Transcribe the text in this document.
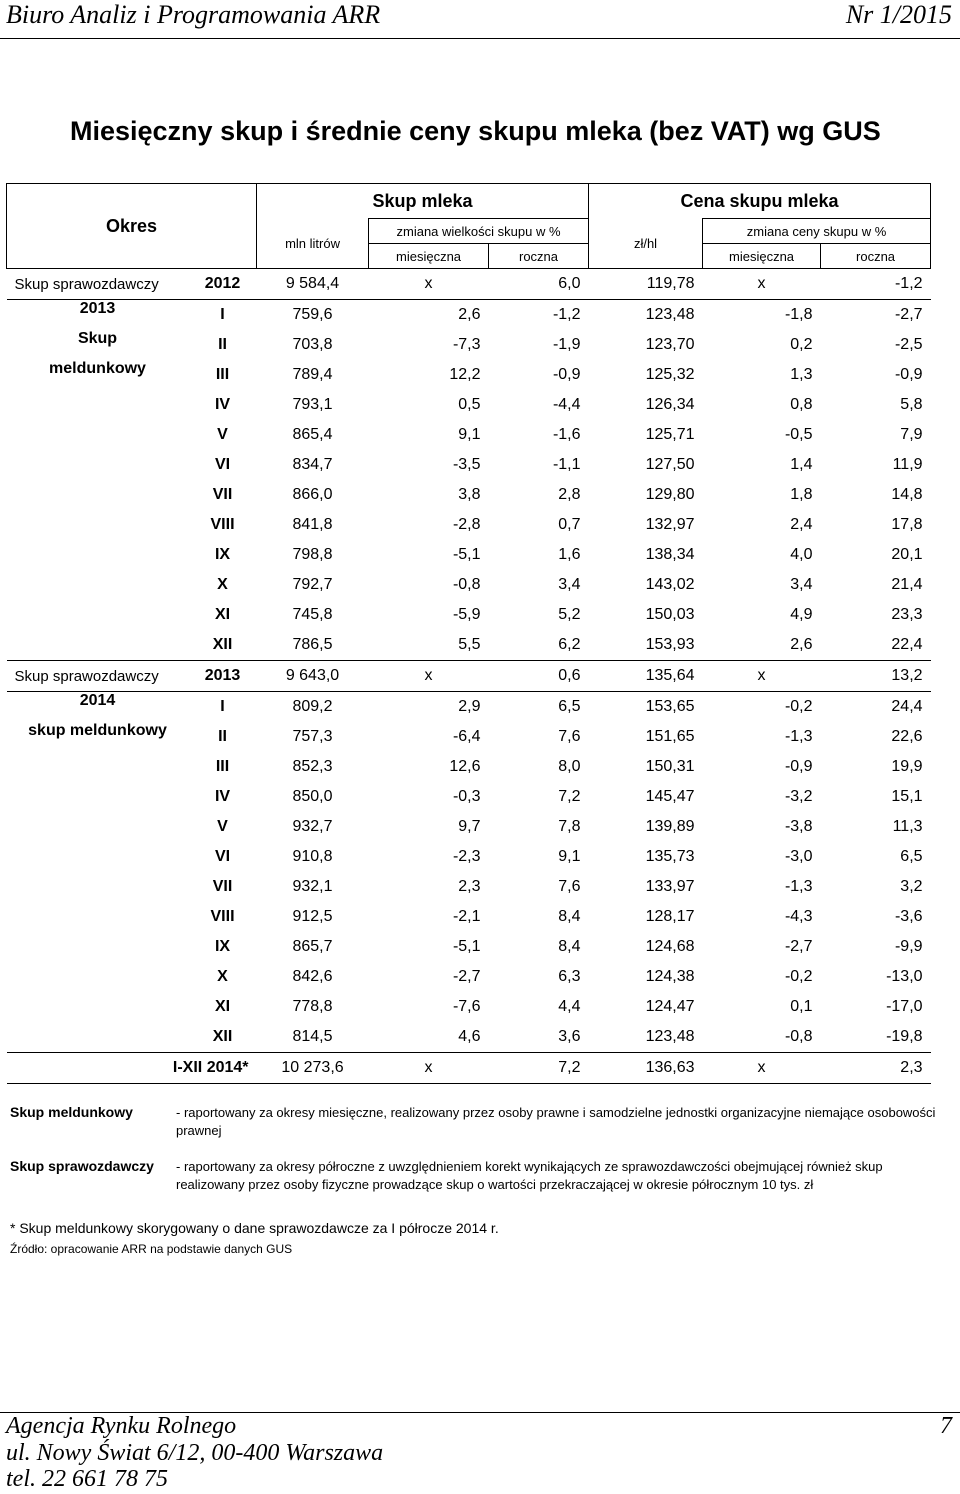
Biuro Analiz i Programowania ARR	Nr 1/2015
Miesięczny skup i średnie ceny skupu mleka (bez VAT) wg GUS
Okres		Skup mleka			Cena skupu mleka		
		mln litrów	zmiana wielkości skupu w %		zł/hl	zmiana ceny skupu w %	
			miesięczna	roczna		miesięczna	roczna
Skup sprawozdawczy	2012	9 584,4	x	6,0	119,78	x	-1,2
2013	I	759,6	2,6	-1,2	123,48	-1,8	-2,7
Skup	II	703,8	-7,3	-1,9	123,70	0,2	-2,5
meldunkowy	III	789,4	12,2	-0,9	125,32	1,3	-0,9
	IV	793,1	0,5	-4,4	126,34	0,8	5,8
	V	865,4	9,1	-1,6	125,71	-0,5	7,9
	VI	834,7	-3,5	-1,1	127,50	1,4	11,9
	VII	866,0	3,8	2,8	129,80	1,8	14,8
	VIII	841,8	-2,8	0,7	132,97	2,4	17,8
	IX	798,8	-5,1	1,6	138,34	4,0	20,1
	X	792,7	-0,8	3,4	143,02	3,4	21,4
	XI	745,8	-5,9	5,2	150,03	4,9	23,3
	XII	786,5	5,5	6,2	153,93	2,6	22,4
Skup sprawozdawczy	2013	9 643,0	x	0,6	135,64	x	13,2
2014	I	809,2	2,9	6,5	153,65	-0,2	24,4
skup meldunkowy	II	757,3	-6,4	7,6	151,65	-1,3	22,6
	III	852,3	12,6	8,0	150,31	-0,9	19,9
	IV	850,0	-0,3	7,2	145,47	-3,2	15,1
	V	932,7	9,7	7,8	139,89	-3,8	11,3
	VI	910,8	-2,3	9,1	135,73	-3,0	6,5
	VII	932,1	2,3	7,6	133,97	-1,3	3,2
	VIII	912,5	-2,1	8,4	128,17	-4,3	-3,6
	IX	865,7	-5,1	8,4	124,68	-2,7	-9,9
	X	842,6	-2,7	6,3	124,38	-0,2	-13,0
	XI	778,8	-7,6	4,4	124,47	0,1	-17,0
	XII	814,5	4,6	3,6	123,48	-0,8	-19,8
I-XII 2014*		10 273,6	x	7,2	136,63	x	2,3
Skup meldunkowy	- raportowany za okresy miesięczne, realizowany przez osoby prawne i samodzielne jednostki organizacyjne niemające osobowości prawnej
Skup sprawozdawczy	- raportowany za okresy półroczne z uwzględnieniem korekt wynikających ze sprawozdawczości obejmującej również skup realizowany przez osoby fizyczne prowadzące skup o wartości przekraczającej w okresie półrocznym 10 tys. zł
* Skup meldunkowy skorygowany o dane sprawozdawcze za I półrocze 2014 r.
Źródło: opracowanie ARR na podstawie danych GUS
Agencja Rynku Rolnego
ul. Nowy Świat 6/12, 00-400 Warszawa
tel. 22 661 78 75
7
